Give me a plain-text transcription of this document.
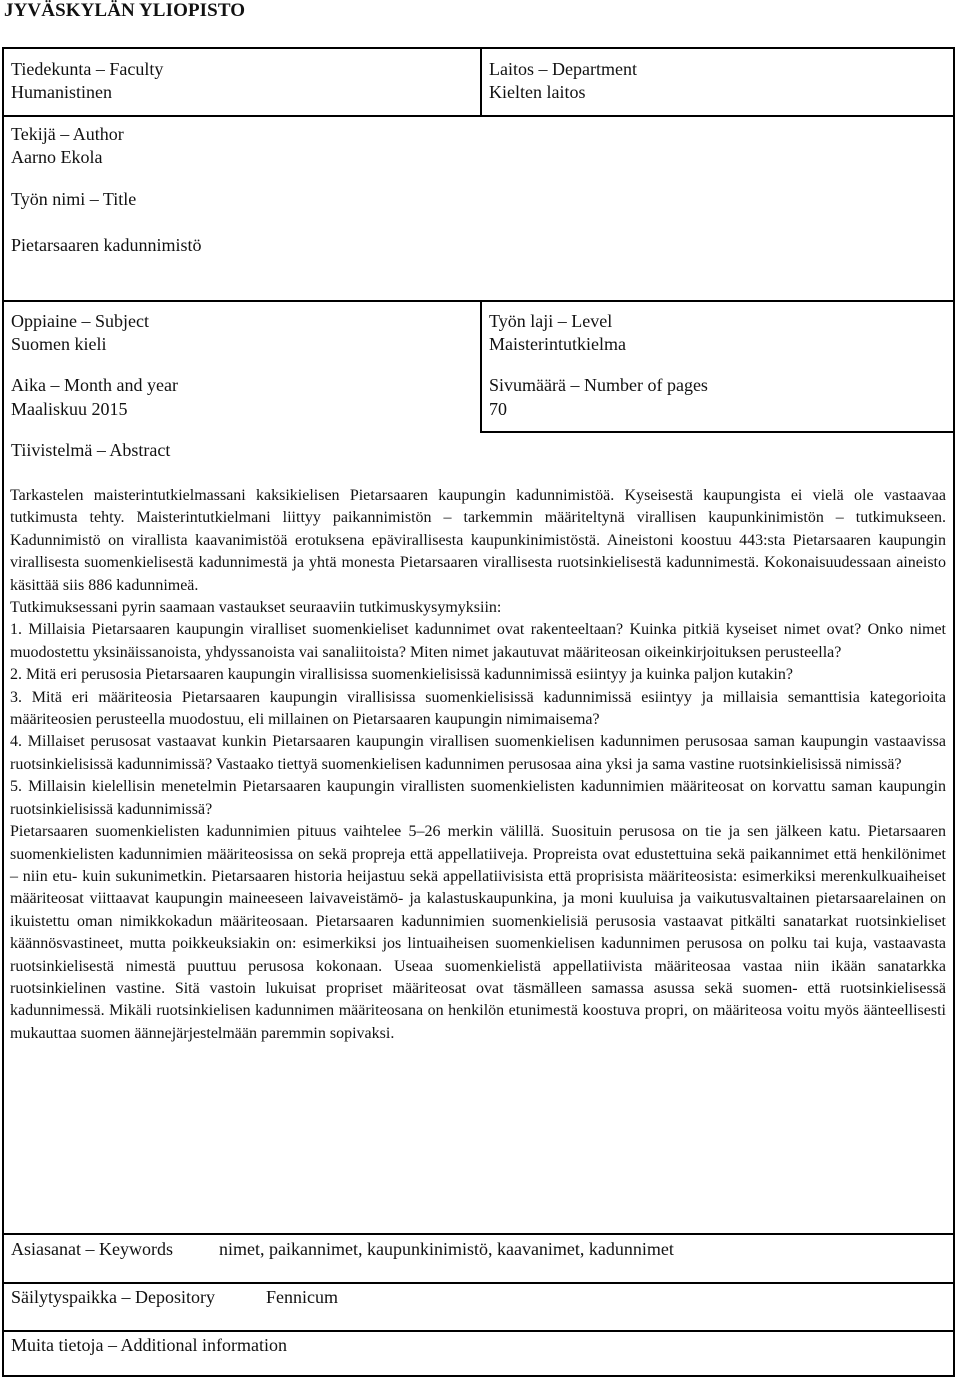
JYVÄSKYLÄN YLIOPISTO
Tiedekunta – Faculty
Humanistinen
Laitos – Department
Kielten laitos
Tekijä – Author
Aarno Ekola
Työn nimi – Title
Pietarsaaren kadunnimistö
Oppiaine – Subject
Suomen kieli
Työn laji – Level
Maisterintutkielma
Aika – Month and year
Maaliskuu 2015
Sivumäärä – Number of pages
70
Tiivistelmä – Abstract

Tarkastelen maisterintutkielmassani kaksikielisen Pietarsaaren kaupungin kadunnimistöä. Kyseisestä kaupungista ei vielä ole vastaavaa tutkimusta tehty. Maisterintutkielmani liittyy paikannimistön – tarkemmin määriteltynä virallisen kaupunkinimistön – tutkimukseen. Kadunnimistö on virallista kaavanimistöä erotuksena epävirallisesta kaupunkinimistöstä. Aineistoni koostuu 443:sta Pietarsaaren kaupungin virallisesta suomenkielisestä kadunnimestä ja yhtä monesta Pietarsaaren virallisesta ruotsinkielisestä kadunnimestä. Kokonaisuudessaan aineisto käsittää siis 886 kadunnimeä.

Tutkimuksessani pyrin saamaan vastaukset seuraaviin tutkimuskysymyksiin:

1. Millaisia Pietarsaaren kaupungin viralliset suomenkieliset kadunnimet ovat rakenteeltaan? Kuinka pitkiä kyseiset nimet ovat? Onko nimet muodostettu yksinäissanoista, yhdyssanoista vai sanaliitoista? Miten nimet jakautuvat määriteosan oikeinkirjoituksen perusteella?

2. Mitä eri perusosia Pietarsaaren kaupungin virallisissa suomenkielisissä kadunnimissä esiintyy ja kuinka paljon kutakin?

3. Mitä eri määriteosia Pietarsaaren kaupungin virallisissa suomenkielisissä kadunnimissä esiintyy ja millaisia semanttisia kategorioita määriteosien perusteella muodostuu, eli millainen on Pietarsaaren kaupungin nimimaisema?

4. Millaiset perusosat vastaavat kunkin Pietarsaaren kaupungin virallisen suomenkielisen kadunnimen perusosaa saman kaupungin vastaavissa ruotsinkielisissä kadunnimissä? Vastaako tiettyä suomenkielisen kadunnimen perusosaa aina yksi ja sama vastine ruotsinkielisissä nimissä?

5. Millaisin kielellisin menetelmin Pietarsaaren kaupungin virallisten suomenkielisten kadunnimien määriteosat on korvattu saman kaupungin ruotsinkielisissä kadunnimissä?

Pietarsaaren suomenkielisten kadunnimien pituus vaihtelee 5–26 merkin välillä. Suosituin perusosa on tie ja sen jälkeen katu. Pietarsaaren suomenkielisten kadunnimien määriteosissa on sekä propreja että appellatiiveja. Propreista ovat edustettuina sekä paikannimet että henkilönimet – niin etu- kuin sukunimetkin. Pietarsaaren historia heijastuu sekä appellatiivisista että proprisista määriteosista: esimerkiksi merenkulkuaiheiset määriteosat viittaavat kaupungin maineeseen laivaveistämö- ja kalastuskaupunkina, ja moni kuuluisa ja vaikutusvaltainen pietarsaarelainen on ikuistettu oman nimikkokadun määriteosaan. Pietarsaaren kadunnimien suomenkielisiä perusosia vastaavat pitkälti sanatarkat ruotsinkieliset käännösvastineet, mutta poikkeuksiakin on: esimerkiksi jos lintuaiheisen suomenkielisen kadunnimen perusosa on polku tai kuja, vastaavasta ruotsinkielisestä nimestä puuttuu perusosa kokonaan. Useaa suomenkielistä appellatiivista määriteosaa vastaa niin ikään sanatarkka ruotsinkielinen vastine. Sitä vastoin lukuisat propriset määriteosat ovat täsmälleen samassa asussa sekä suomen- että ruotsinkielisessä kadunnimessä. Mikäli ruotsinkielisen kadunnimen määriteosana on henkilön etunimestä koostuva propri, on määriteosa voitu myös äänteellisesti mukauttaa suomen äännejärjestelmään paremmin sopivaksi.

Asiasanat – Keywords	nimet, paikannimet, kaupunkinimistö, kaavanimet, kadunnimet
Säilytyspaikka – Depository	Fennicum
Muita tietoja – Additional information
